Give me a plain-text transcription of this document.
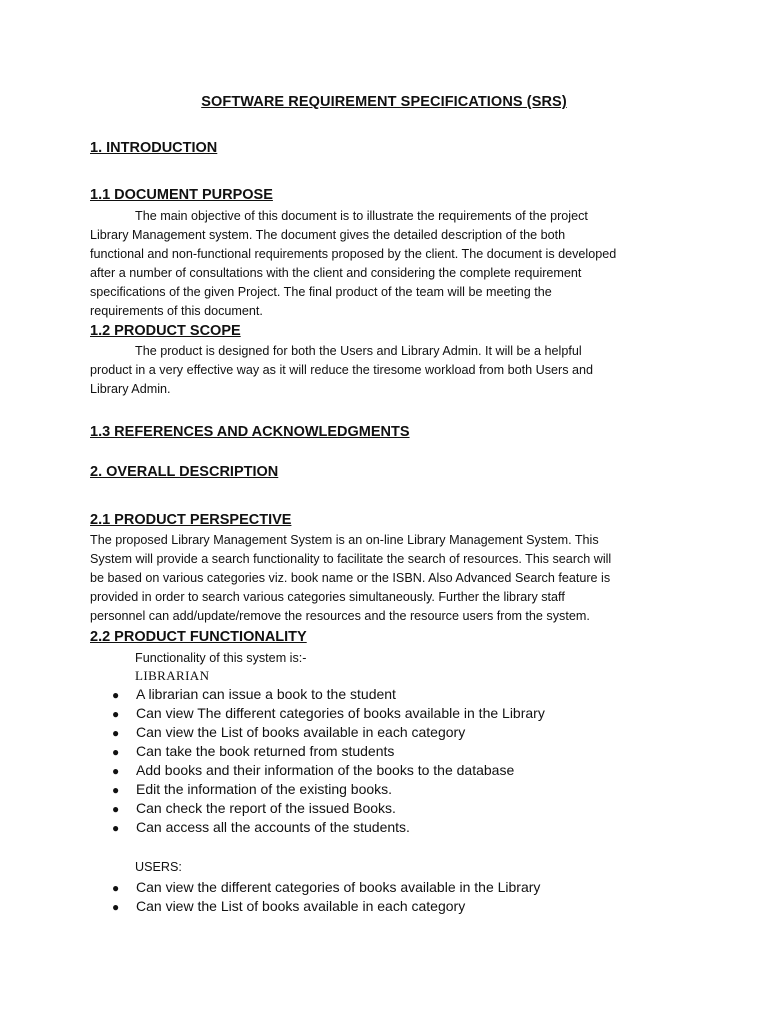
SOFTWARE REQUIREMENT SPECIFICATIONS (SRS)
1. INTRODUCTION
1.1 DOCUMENT PURPOSE
The main objective of this document is to illustrate the requirements of the project
Library Management system. The document gives the detailed description of the both
functional and non-functional requirements proposed by the client. The document is developed
after a number of consultations with the client and considering the complete requirement
specifications of the given Project. The final product of the team will be meeting the
requirements of this document.
1.2 PRODUCT SCOPE
The product is designed for both the Users and Library Admin. It will be a helpful
product in a very effective way as it will reduce the tiresome workload from both Users and
Library Admin.
1.3 REFERENCES AND ACKNOWLEDGMENTS
2. OVERALL DESCRIPTION
2.1 PRODUCT PERSPECTIVE
The proposed Library Management System is an on-line Library Management System. This
System will provide a search functionality to facilitate the search of resources. This search will
be based on various categories viz. book name or the ISBN. Also Advanced Search feature is
provided in order to search various categories simultaneously. Further the library staff
personnel can add/update/remove the resources and the resource users from the system.
2.2 PRODUCT FUNCTIONALITY
Functionality of this system is:-
LIBRARIAN
● A librarian can issue a book to the student
● Can view The different categories of books available in the Library
● Can view the List of books available in each category
● Can take the book returned from students
● Add books and their information of the books to the database
● Edit the information of the existing books.
● Can check the report of the issued Books.
● Can access all the accounts of the students.
USERS:
● Can view the different categories of books available in the Library
● Can view the List of books available in each category
